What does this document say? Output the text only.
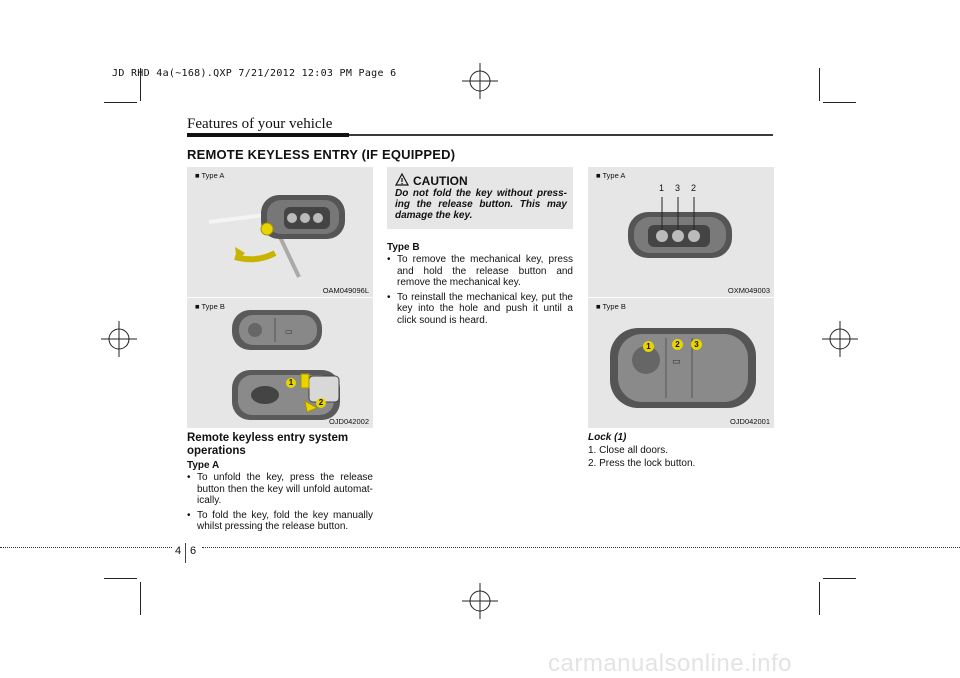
JD RHD 4a(~168).QXP 7/21/2012 12:03 PM Page 6
Features of your vehicle
REMOTE KEYLESS ENTRY (IF EQUIPPED)
■ Type A
OAM049096L
■ Type B
▭
1
2
OJD042002
Remote keyless entry system operations
Type A
• To unfold the key, press the release button then the key will unfold automat-ically.
• To fold the key, fold the key manually whilst pressing the release button.
CAUTION
Do not fold the key without press-ing the release button. This may damage the key.
Type B
• To remove the mechanical key, press and hold the release button and remove the mechanical key.
• To reinstall the mechanical key, put the key into the hole and push it until a click sound is heard.
■ Type A
1 3 2
OXM049003
■ Type B
▭
1	2	3
OJD042001
Lock (1)
1. Close all doors.
2. Press the lock button.
4 6
carmanualsonline.info
